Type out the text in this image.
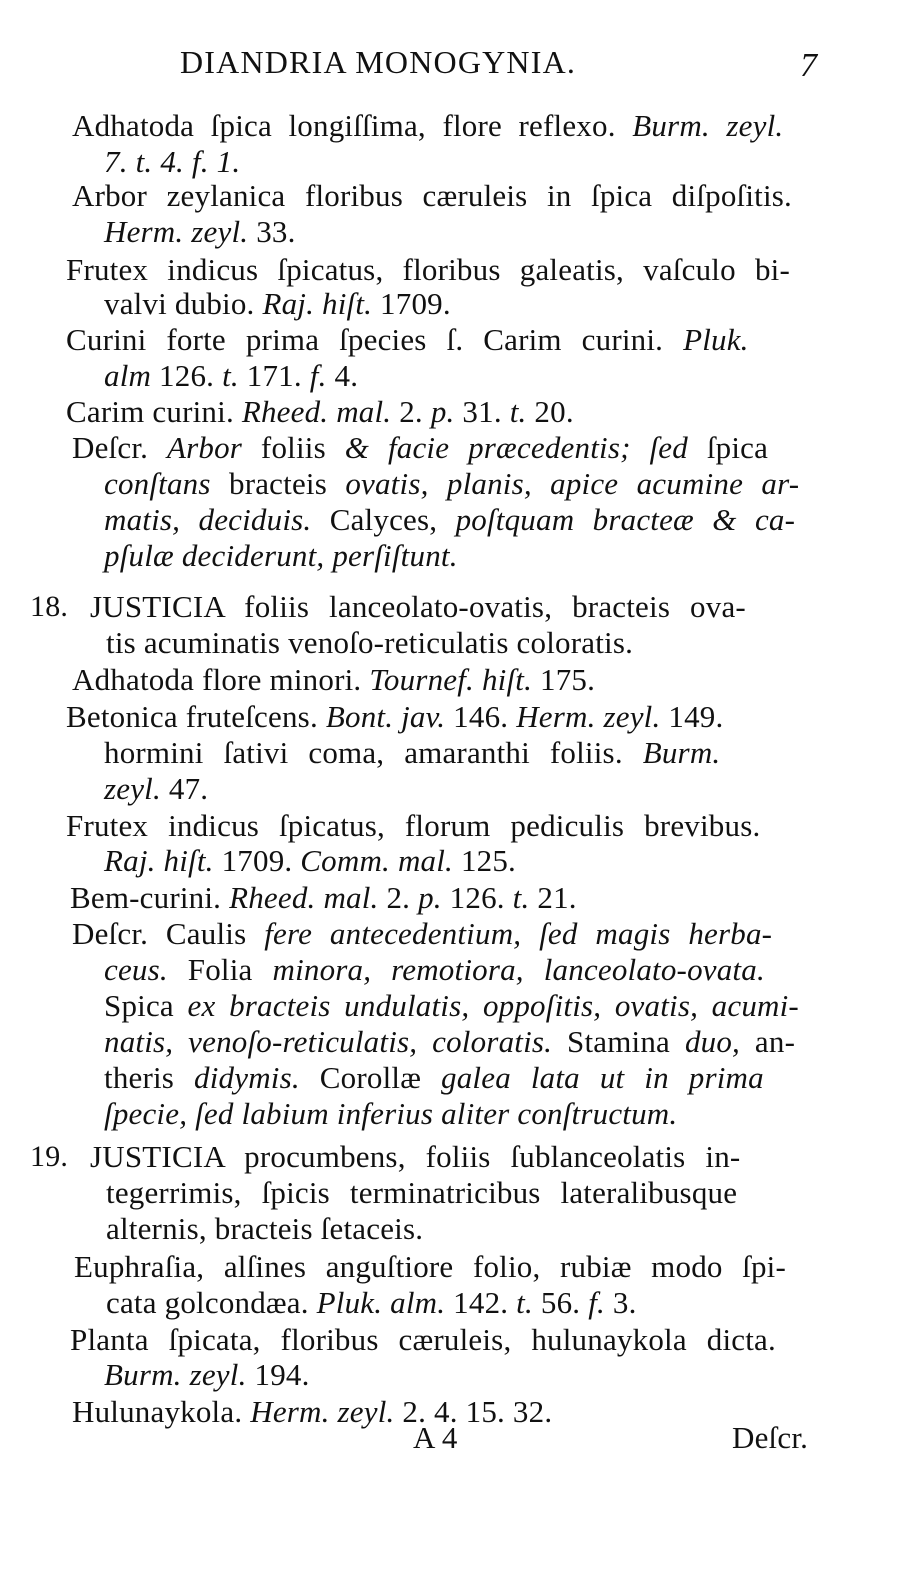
DIANDRIA MONOGYNIA.	7
18.
19.
Adhatoda ſpica longiſſima, flore reflexo. Burm. zeyl.
7. t. 4. f. 1.
Arbor zeylanica floribus cæruleis in ſpica diſpoſitis.
Herm. zeyl. 33.
Frutex indicus ſpicatus, floribus galeatis, vaſculo bi-
valvi dubio. Raj. hiſt. 1709.
Curini forte prima ſpecies ſ. Carim curini. Pluk.
alm 126. t. 171. f. 4.
Carim curini. Rheed. mal. 2. p. 31. t. 20.
Deſcr. Arbor foliis & facie præcedentis; ſed ſpica
conſtans bracteis ovatis, planis, apice acumine ar-
matis, deciduis. Calyces, poſtquam bracteæ & ca-
pſulæ deciderunt, perſiſtunt.
JUSTICIA foliis lanceolato-ovatis, bracteis ova-
tis acuminatis venoſo-reticulatis coloratis.
Adhatoda flore minori. Tournef. hiſt. 175.
Betonica fruteſcens. Bont. jav. 146. Herm. zeyl. 149.
hormini ſativi coma, amaranthi foliis. Burm.
zeyl. 47.
Frutex indicus ſpicatus, florum pediculis brevibus.
Raj. hiſt. 1709. Comm. mal. 125.
Bem-curini. Rheed. mal. 2. p. 126. t. 21.
Deſcr. Caulis fere antecedentium, ſed magis herba-
ceus. Folia minora, remotiora, lanceolato-ovata.
Spica ex bracteis undulatis, oppoſitis, ovatis, acumi-
natis, venoſo-reticulatis, coloratis. Stamina duo, an-
theris didymis. Corollæ galea lata ut in prima
ſpecie, ſed labium inferius aliter conſtructum.
JUSTICIA procumbens, foliis ſublanceolatis in-
tegerrimis, ſpicis terminatricibus lateralibusque
alternis, bracteis ſetaceis.
Euphraſia, alſines anguſtiore folio, rubiæ modo ſpi-
cata golcondæa. Pluk. alm. 142. t. 56. f. 3.
Planta ſpicata, floribus cæruleis, hulunaykola dicta.
Burm. zeyl. 194.
Hulunaykola. Herm. zeyl. 2. 4. 15. 32.
A 4	Deſcr.
